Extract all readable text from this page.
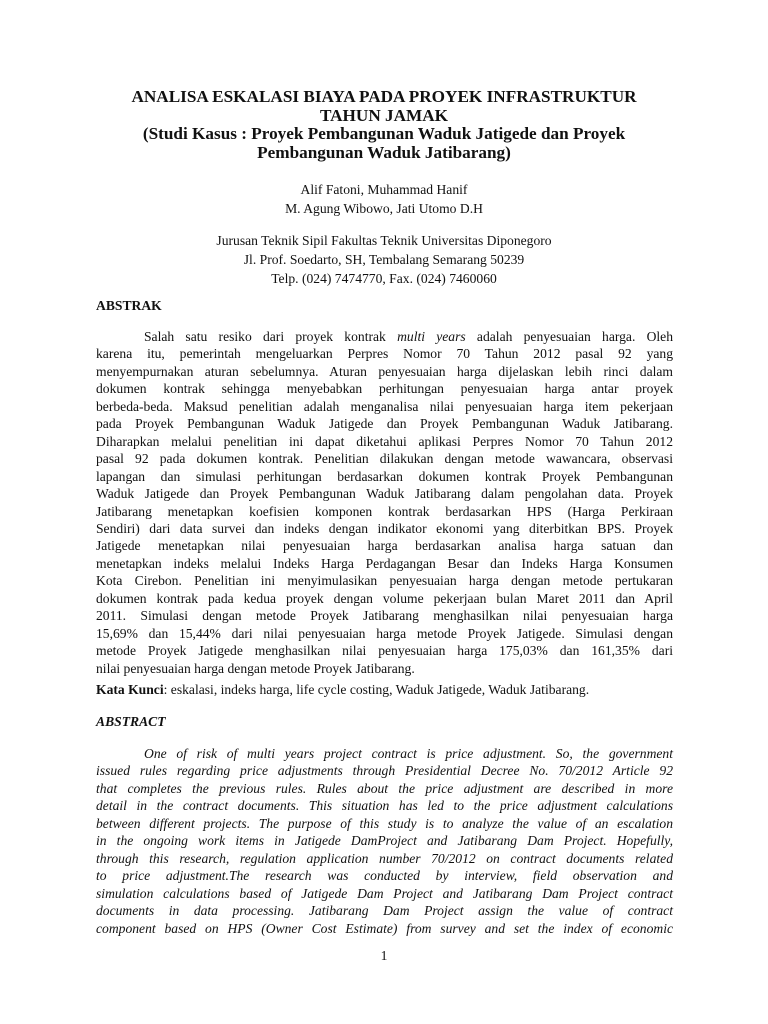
ANALISA ESKALASI BIAYA PADA PROYEK INFRASTRUKTUR
TAHUN JAMAK
(Studi Kasus : Proyek Pembangunan Waduk Jatigede dan Proyek
Pembangunan Waduk Jatibarang)
Alif Fatoni, Muhammad Hanif
M. Agung Wibowo, Jati Utomo D.H
Jurusan Teknik Sipil Fakultas Teknik Universitas Diponegoro
Jl. Prof. Soedarto, SH, Tembalang Semarang 50239
Telp. (024) 7474770, Fax. (024) 7460060
ABSTRAK
Salah satu resiko dari proyek kontrak multi years adalah penyesuaian harga. Oleh
karena itu, pemerintah mengeluarkan Perpres Nomor 70 Tahun 2012 pasal 92 yang
menyempurnakan aturan sebelumnya. Aturan penyesuaian harga dijelaskan lebih rinci dalam
dokumen kontrak sehingga menyebabkan perhitungan penyesuaian harga antar proyek
berbeda-beda. Maksud penelitian adalah menganalisa nilai penyesuaian harga item pekerjaan
pada Proyek Pembangunan Waduk Jatigede dan Proyek Pembangunan Waduk Jatibarang.
Diharapkan melalui penelitian ini dapat diketahui aplikasi Perpres Nomor 70 Tahun 2012
pasal 92 pada dokumen kontrak. Penelitian dilakukan dengan metode wawancara, observasi
lapangan dan simulasi perhitungan berdasarkan dokumen kontrak Proyek Pembangunan
Waduk Jatigede dan Proyek Pembangunan Waduk Jatibarang dalam pengolahan data. Proyek
Jatibarang menetapkan koefisien komponen kontrak berdasarkan HPS (Harga Perkiraan
Sendiri) dari data survei dan indeks dengan indikator ekonomi yang diterbitkan BPS. Proyek
Jatigede menetapkan nilai penyesuaian harga berdasarkan analisa harga satuan dan
menetapkan indeks melalui Indeks Harga Perdagangan Besar dan Indeks Harga Konsumen
Kota Cirebon. Penelitian ini menyimulasikan penyesuaian harga dengan metode pertukaran
dokumen kontrak pada kedua proyek dengan volume pekerjaan bulan Maret 2011 dan April
2011. Simulasi dengan metode Proyek Jatibarang menghasilkan nilai penyesuaian harga
15,69% dan 15,44% dari nilai penyesuaian harga metode Proyek Jatigede. Simulasi dengan
metode Proyek Jatigede menghasilkan nilai penyesuaian harga 175,03% dan 161,35% dari
nilai penyesuaian harga dengan metode Proyek Jatibarang.
Kata Kunci: eskalasi, indeks harga, life cycle costing, Waduk Jatigede, Waduk Jatibarang.
ABSTRACT
One of risk of multi years project contract is price adjustment. So, the government
issued rules regarding price adjustments through Presidential Decree No. 70/2012 Article 92
that completes the previous rules. Rules about the price adjustment are described in more
detail in the contract documents. This situation has led to the price adjustment calculations
between different projects. The purpose of this study is to analyze the value of an escalation
in the ongoing work items in Jatigede DamProject and Jatibarang Dam Project. Hopefully,
through this research, regulation application number 70/2012 on contract documents related
to price adjustment.The research was conducted by interview, field observation and
simulation calculations based of Jatigede Dam Project and Jatibarang Dam Project contract
documents in data processing. Jatibarang Dam Project assign the value of contract
component based on HPS (Owner Cost Estimate) from survey and set the index of economic
1
